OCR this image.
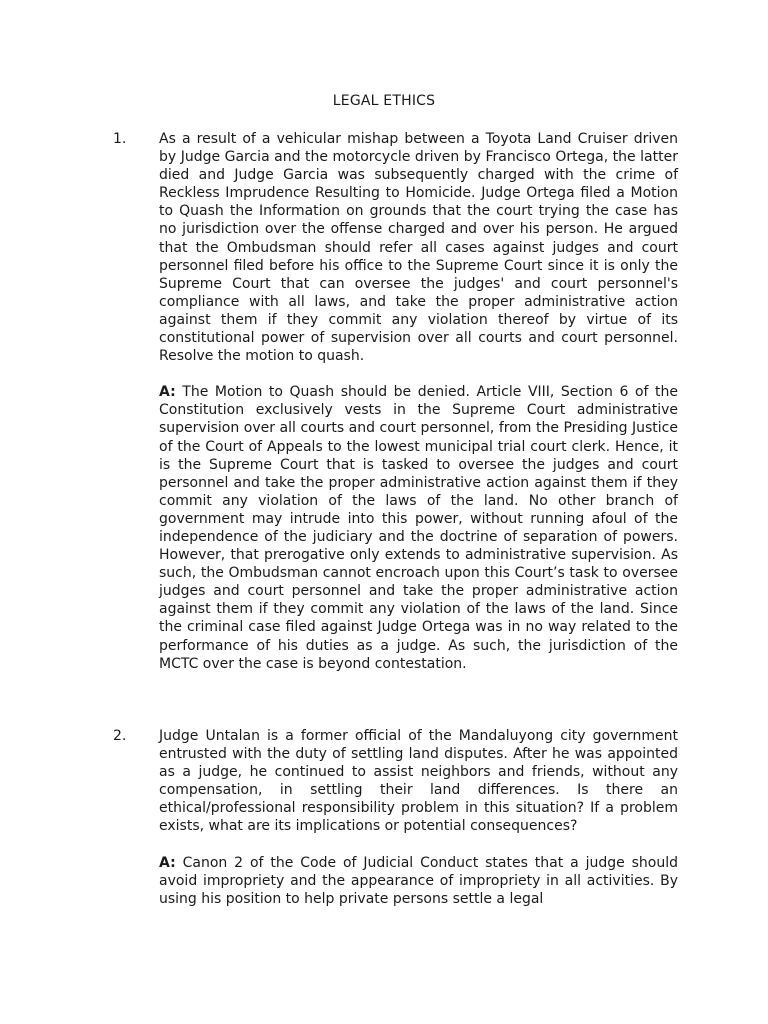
LEGAL ETHICS
1. As a result of a vehicular mishap between a Toyota Land Cruiser driven by Judge Garcia and the motorcycle driven by Francisco Ortega, the latter died and Judge Garcia was subsequently charged with the crime of Reckless Imprudence Resulting to Homicide. Judge Ortega filed a Motion to Quash the Information on grounds that the court trying the case has no jurisdiction over the offense charged and over his person. He argued that the Ombudsman should refer all cases against judges and court personnel filed before his office to the Supreme Court since it is only the Supreme Court that can oversee the judges' and court personnel's compliance with all laws, and take the proper administrative action against them if they commit any violation thereof by virtue of its constitutional power of supervision over all courts and court personnel. Resolve the motion to quash.

A: The Motion to Quash should be denied. Article VIII, Section 6 of the Constitution exclusively vests in the Supreme Court administrative supervision over all courts and court personnel, from the Presiding Justice of the Court of Appeals to the lowest municipal trial court clerk. Hence, it is the Supreme Court that is tasked to oversee the judges and court personnel and take the proper administrative action against them if they commit any violation of the laws of the land. No other branch of government may intrude into this power, without running afoul of the independence of the judiciary and the doctrine of separation of powers. However, that prerogative only extends to administrative supervision. As such, the Ombudsman cannot encroach upon this Court’s task to oversee judges and court personnel and take the proper administrative action against them if they commit any violation of the laws of the land. Since the criminal case filed against Judge Ortega was in no way related to the performance of his duties as a judge. As such, the jurisdiction of the MCTC over the case is beyond contestation.

2. Judge Untalan is a former official of the Mandaluyong city government entrusted with the duty of settling land disputes. After he was appointed as a judge, he continued to assist neighbors and friends, without any compensation, in settling their land differences. Is there an ethical/professional responsibility problem in this situation? If a problem exists, what are its implications or potential consequences?

A: Canon 2 of the Code of Judicial Conduct states that a judge should avoid impropriety and the appearance of impropriety in all activities. By using his position to help private persons settle a legal
